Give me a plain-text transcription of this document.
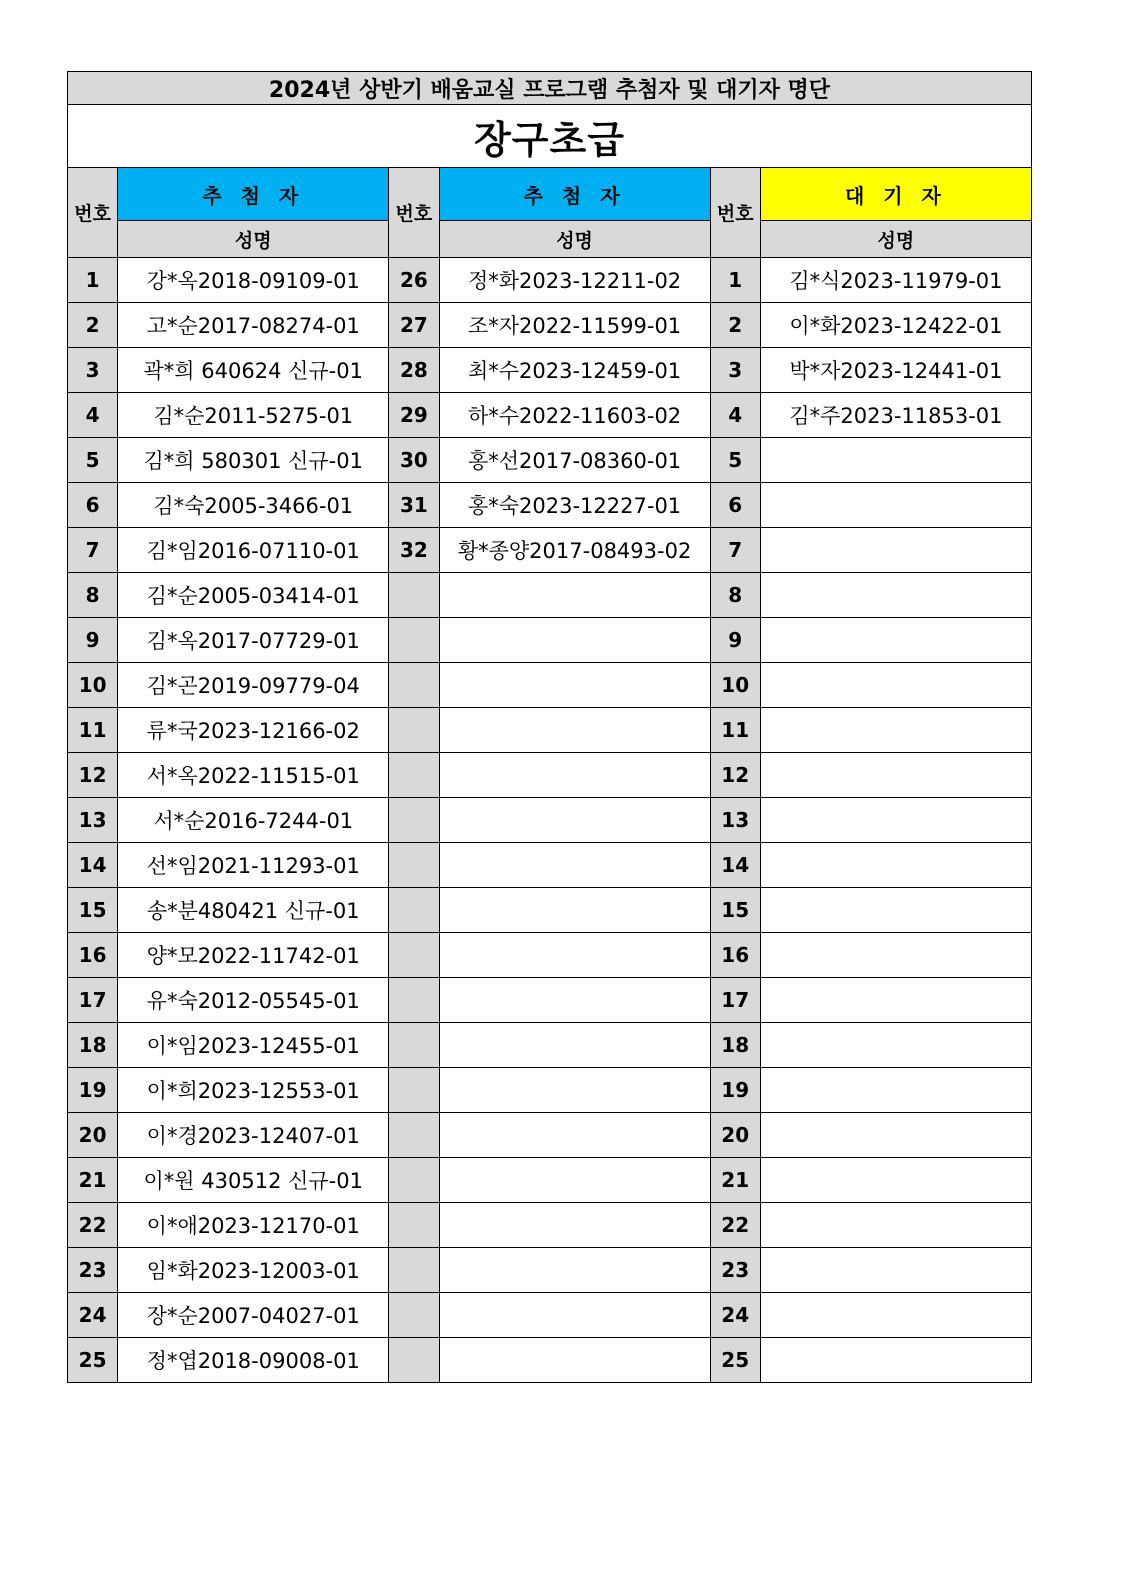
2024년 상반기 배움교실 프로그램 추첨자 및 대기자 명단					
장구초급					
번호	추 첨 자	번호	추 첨 자	번호	대 기 자
	성명		성명		성명
1	강*옥2018-09109-01	26	정*화2023-12211-02	1	김*식2023-11979-01
2	고*순2017-08274-01	27	조*자2022-11599-01	2	이*화2023-12422-01
3	곽*희 640624 신규-01	28	최*수2023-12459-01	3	박*자2023-12441-01
4	김*순2011-5275-01	29	하*수2022-11603-02	4	김*주2023-11853-01
5	김*희 580301 신규-01	30	홍*선2017-08360-01	5	
6	김*숙2005-3466-01	31	홍*숙2023-12227-01	6	
7	김*임2016-07110-01	32	황*종양2017-08493-02	7	
8	김*순2005-03414-01			8	
9	김*옥2017-07729-01			9	
10	김*곤2019-09779-04			10	
11	류*국2023-12166-02			11	
12	서*옥2022-11515-01			12	
13	서*순2016-7244-01			13	
14	선*임2021-11293-01			14	
15	송*분480421 신규-01			15	
16	양*모2022-11742-01			16	
17	유*숙2012-05545-01			17	
18	이*임2023-12455-01			18	
19	이*희2023-12553-01			19	
20	이*경2023-12407-01			20	
21	이*원 430512 신규-01			21	
22	이*애2023-12170-01			22	
23	임*화2023-12003-01			23	
24	장*순2007-04027-01			24	
25	정*엽2018-09008-01			25	
